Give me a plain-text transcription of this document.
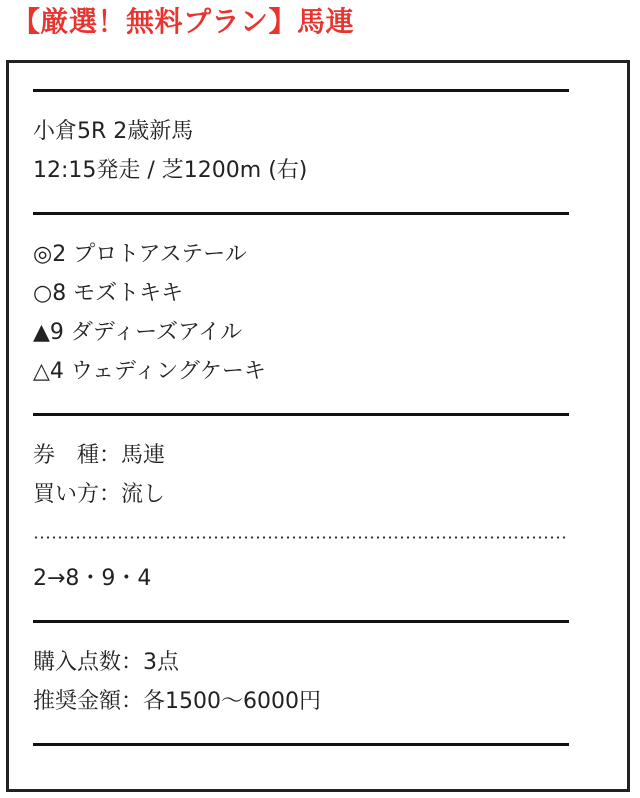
【厳選！無料プラン】馬連
小倉5R 2歳新馬
12:15発走 / 芝1200m (右)
◎2 プロトアステール
○8 モズトキキ
▲9 ダディーズアイル
△4 ウェディングケーキ
券　種：馬連
買い方：流し
2→8・9・4
購入点数：3点
推奨金額：各1500〜6000円
